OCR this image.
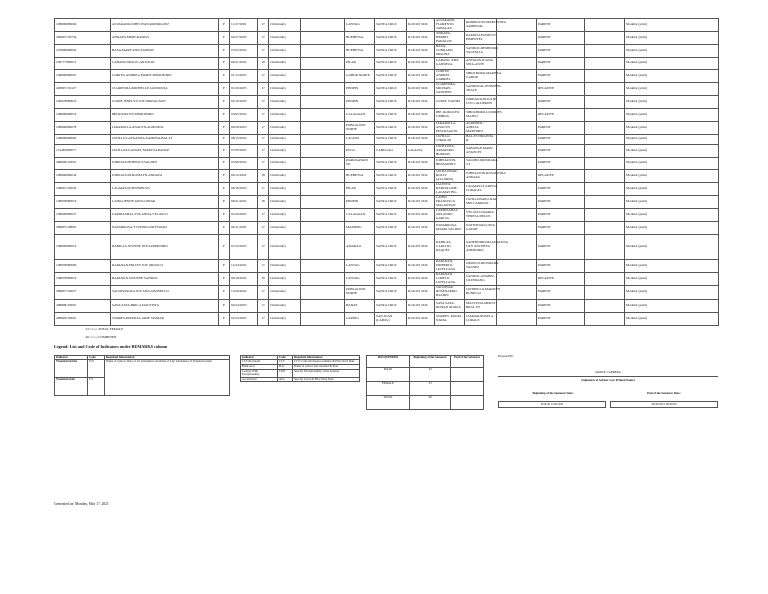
108606080004	ALVARADO,JOHN IVAN,RODRIGUEZ	F	11/27/2002	17	Christianity		LANTAG	SANTA CRUZ	ILOCOS SUR	ALVARADO, FLORENTO TABALAN	RODRIGUEZ,MERCEDITA SAMPINAL		PARENT		Modular (print)
400807150734	ANDAYA,MERV,RAMOS	F	04/27/2003	17	Christianity		BUEBESSA	SANTA CRUZ	ILOCOS SUR	ANDAYA, HERBIT PADALOY	RAMOS,LEONILYN PIMENTEL		PARENT		Modular (print)
105906080004	BASA,MARY ANN,SANDOC	F	07/02/2003	17	Christianity		BUEBESSA	SANTA CRUZ	ILOCOS SUR	BASA, CONRADO MOLINA	SANDOC,REMEDIOS VALENCIA		PARENT		Modular (print)
106777080012	CABATO,NOSCIL,ANTOLIN	F	09/21/2002	18	Christianity		PILAR	SANTA CRUZ	ILOCOS SUR	CABATO, JOEL GANDEZA	ANTOLIN,JUANA SINA-ANTE		PARENT		Modular (print)
108606080001	CORTEZ,ANDREA MARIE SIBOLBORO	F	01/13/2003	17	Christianity		GABOR NORTE	SANTA CRUZ	ILOCOS SUR	CORTEZ, ANDRES GABRIEL	SIBOLBORO,MARISSA GABOR		PARENT		Modular (print)
400807150127	CUARESMA,MICHELLE,SANDOVAL	F	01/20/2003	17	Christianity		PINIPIN	SANTA CRUZ	ILOCOS SUR	CUARESMA, MICHAEL SANCHEZ	SANDOVAL,JENNIFER TRACE		RELATIVE		Modular (print)
106678080019	GUDIE,JENELYN JOY,JORDAGSON	F	04/10/2003	17	Christianity		PINIPIN	SANTA CRUZ	ILOCOS SUR	GUDIE, DANIEL	JORDAGSON,JULIE LYN CALDERON		PARENT		Modular (print)
108606080016	IBE,ROSELYN,SIBOLBORO	F	03/05/2003	17	Christianity		CALAOAAN	SANTA CRUZ	ILOCOS SUR	IBE, RODOLFO UBIBOA	SIBOLBORO,LOURDES MATEO		RELATIVE		Modular (print)
108606080078	JARAMILLA,ANALYN,ALMONOL	F	09/29/2003	17	Christianity		POBLACION NORTE	SANTA CRUZ	ILOCOS SUR	JARAMILLA, ANALYN PESCRAGION	ALMONOL, ADELIA MARTINEZ		PARENT		Modular (print)
108606080082	JAVILLO,LAYAANNA KATRINA,BAL-IT	F	08/15/2003	17	Christianity		LAGUID	SANTA CRUZ	ILOCOS SUR	JAVILLO, VIRGILIO	BAL-IT,VIRGINIA R.		PARENT		Modular (print)
151483080077	JAVILLOSA,ANGEL MARY,SABANGE	F	07/09/2003	17	Christianity		PULO	CABUGAO	LAGUNA	JAVILLOSA, ARMANDO BONDOS	SABANGE,MARY ANGELES		PARENT		Modular (print)
408008150001	JOBNACION,BENCY,VALDEZ	F	03/06/2003	17	Christianity		DAROGAWAN SO	SANTA CRUZ	ILOCOS SUR	JOBNACION, BENJAMIN T	VALDEZ,DIOSDADA T.L		PARENT		Modular (print)
108606080034	JOBNACION,ROSELYN,ANDAYA	F	09/12/2002	18	Christianity		BUEBESSA	SANTA CRUZ	ILOCOS SUR	JAVILLONAR, ROLLY (ALLORIN)	JOBNACION,ROSALINDA ANDAYA		RELATIVE		Modular (print)
108607150043	LAGMAY,QUIENNIELYN	F	08/16/2003	17	Christianity		PILAR	SANTA CRUZ	ILOCOS SUR	JACINTO, BARTOLOME LAGMAYING	LAGMAY,CLARISSA CURALES		PARENT		Modular (print)
108678080019	LAINO,JENNY,JAVILLONAR	F	06/21/2002	18	Christianity		PINIPIN	SANTA CRUZ	ILOCOS SUR	LAINO, FRANCISCO MALANYAN	JAVILLONAR,LILIA MELCARRION		PARENT		Modular (print)
108606080027	LARDIZABAL,YOLANDA,VELASCO	F	02/20/2003	17	Christianity		CALAOAAN	SANTA CRUZ	ILOCOS SUR	LARDIZABAL, ORLANDO GARCIA	VELASCO,MARIA TERESA DELOS		PARENT		Modular (print)
408807148005	NAVARROSA,YVONNE,NATIVIDAD	F	09/11/2003	17	Christianity		MAMBOG	SANTA CRUZ	ILOCOS SUR	NAVARROSA, MARIO VALDEZ	NATIVIDAD,LONA GAYAB		PARENT		Modular (print)
108606080016	RABILAS,JUSTINE JOY,SADERNIRO	F	07/23/2003	17	Christianity		AMARAO	SANTA CRUZ	ILOCOS SUR	RABILAS, CARLITO RAQUEL	SADERNIRO,MAGDALENA LILY ANCHETA ADERNIRO		PARENT		Modular (print)
108678080099	RAPANAN,FRLIXY JOY OROZCO	F	12/24/2002	17	Christianity		LANTAG	SANTA CRUZ	ILOCOS SUR	RAPANAN, ERIBERTO JAVELLANA	OROZCO,DIOSDADA VALDEZ		PARENT		Modular (print)
108678080019	RAPANAN,SITUENE SANDOC	F	09/19/2002	18	Christianity		LANTAG	SANTA CRUZ	ILOCOS SUR	RAPANAN, LORETO JAVELLANA	SANDOC,ANABEL LILINDANG		RELATIVE		Modular (print)
408807150027	SALDIVAR,MA JOY ANN,JAVINELLO	F	12/09/2002	17	Christianity		POBLACION NORTE	SANTA CRUZ	ILOCOS SUR	SALDIVAR, ROSENARDO BALBIN	JAVINELLO,MARILYN RUNILLO		PARENT		Modular (print)
408808150001	SAYA,SAYA,BRICA MAUTISTA	F	04/24/2003	17	Christianity		BANAY	SANTA CRUZ	ILOCOS SUR	SAYA SAYA, RONAN ATAIZA	MAUTISTA,MERLY BRAL ZY		PARENT		Modular (print)
408829150001	TORRES,PATRICIA JADE JASMAR	F	02/25/2003	17	Christianity		LARNIG	SAN JUAN (LAPOG)	ILOCOS SUR	TORRES, ROGEL NAVAL	JASMAR,ROSELA CORALE		PARENT		Modular (print)
23 <=== TOTAL FEMALE															
46 <=== COMBINED															
Legend: List and Code of Indicators under REMARKS column
Indicator	Code	Required Information
Transferred Out	T/O	Name of School, Date of 1st Attendance and Date of Last Attendance if Transferred Out
Transferred In	T/I	
Indicator	Code	Required Information
CCT Recipient	CCT	CCT Control/reference number & Effectivity Date
Balik Aral	B/A	Name of school last attended & Year
Learner With Exceptionality	LWE	Specify Exceptionality of the Learner
Accelerated	ACL	Specify Level & Effectivity Date
REGISTERED	Beginning of the Semester	End of the Semester
MALE	23	
FEMALE	23	
TOTAL	46	
Prepared By:
MARCE CABRERA
(Signature of Adviser over Printed Name)
Beginning of the Semester Date:	End of the Semester Date:
8/24/20 12:00 AM	06/30/2021 00:00:00
Generated on: Monday, May 17, 2021
